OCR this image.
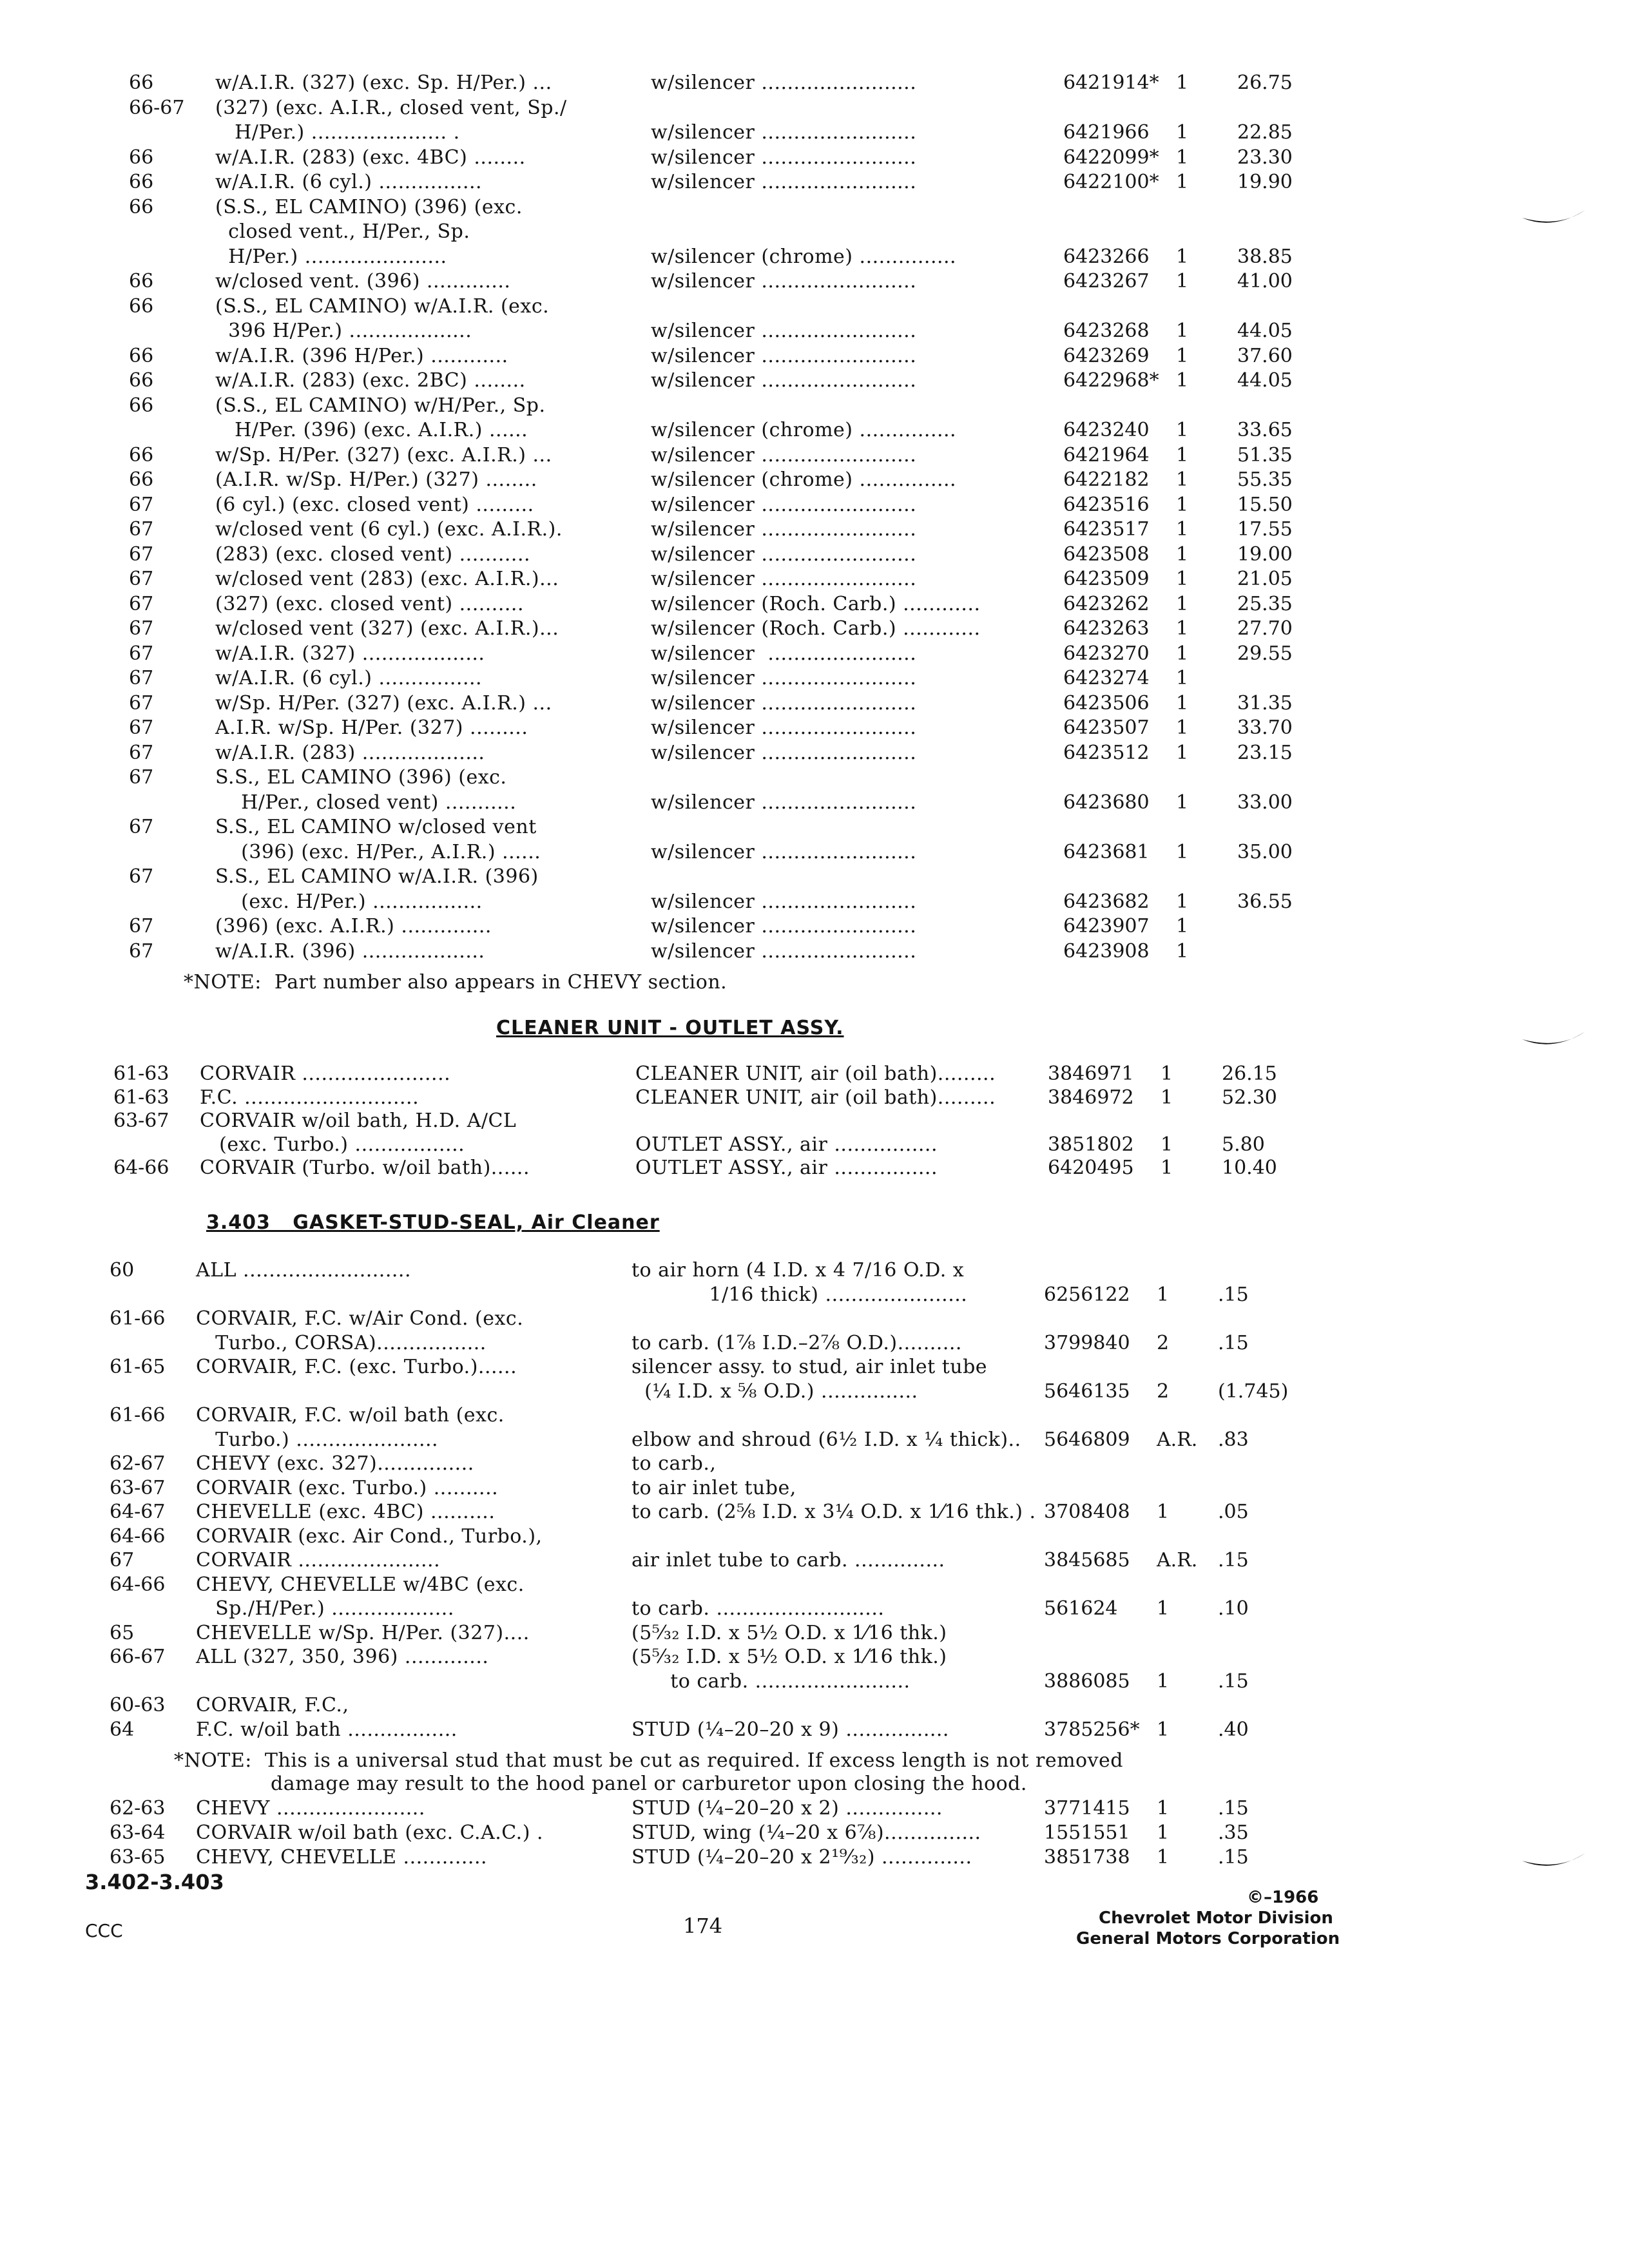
66	w/A.I.R. (327) (exc. Sp. H/Per.) ...	w/silencer ........................	6421914* 1	26.75
66-67 (327) (exc. A.I.R., closed vent, Sp./
H/Per.) ..................... .	w/silencer ........................	6421966 1	22.85
66	w/A.I.R. (283) (exc. 4BC) ........	w/silencer ........................	6422099* 1	23.30
66	w/A.I.R. (6 cyl.) ................	w/silencer ........................	6422100* 1	19.90
66	(S.S., EL CAMINO) (396) (exc.
closed vent., H/Per., Sp.
H/Per.) ......................	w/silencer (chrome) ...............	6423266 1	38.85
66	w/closed vent. (396) .............	w/silencer ........................	6423267 1	41.00
66	(S.S., EL CAMINO) w/A.I.R. (exc.
396 H/Per.) ...................	w/silencer ........................	6423268 1	44.05
66	w/A.I.R. (396 H/Per.) ............	w/silencer ........................	6423269 1	37.60
66	w/A.I.R. (283) (exc. 2BC) ........	w/silencer ........................	6422968* 1	44.05
66	(S.S., EL CAMINO) w/H/Per., Sp.
H/Per. (396) (exc. A.I.R.) ......	w/silencer (chrome) ...............	6423240 1	33.65
66	w/Sp. H/Per. (327) (exc. A.I.R.) ...	w/silencer ........................	6421964 1	51.35
66	(A.I.R. w/Sp. H/Per.) (327) ........	w/silencer (chrome) ...............	6422182 1	55.35
67	(6 cyl.) (exc. closed vent) .........	w/silencer ........................	6423516 1	15.50
67	w/closed vent (6 cyl.) (exc. A.I.R.).	w/silencer ........................	6423517 1	17.55
67	(283) (exc. closed vent) ...........	w/silencer ........................	6423508 1	19.00
67	w/closed vent (283) (exc. A.I.R.)...	w/silencer ........................	6423509 1	21.05
67	(327) (exc. closed vent) ..........	w/silencer (Roch. Carb.) ............	6423262 1	25.35
67	w/closed vent (327) (exc. A.I.R.)...	w/silencer (Roch. Carb.) ............	6423263 1	27.70
67	w/A.I.R. (327) ...................	w/silencer  .......................	6423270 1	29.55
67	w/A.I.R. (6 cyl.) ................	w/silencer ........................	6423274 1
67	w/Sp. H/Per. (327) (exc. A.I.R.) ...	w/silencer ........................	6423506 1	31.35
67	A.I.R. w/Sp. H/Per. (327) .........	w/silencer ........................	6423507 1	33.70
67	w/A.I.R. (283) ...................	w/silencer ........................	6423512 1	23.15
67	S.S., EL CAMINO (396) (exc.
H/Per., closed vent) ...........	w/silencer ........................	6423680 1	33.00
67	S.S., EL CAMINO w/closed vent
(396) (exc. H/Per., A.I.R.) ......	w/silencer ........................	6423681 1	35.00
67	S.S., EL CAMINO w/A.I.R. (396)
(exc. H/Per.) .................	w/silencer ........................	6423682 1	36.55
67	(396) (exc. A.I.R.) ..............	w/silencer ........................	6423907 1
67	w/A.I.R. (396) ...................	w/silencer ........................	6423908 1
*NOTE:  Part number also appears in CHEVY section.
CLEANER UNIT - OUTLET ASSY.
61-63 CORVAIR .......................	CLEANER UNIT, air (oil bath).........	3846971 1	26.15
61-63 F.C. ...........................	CLEANER UNIT, air (oil bath).........	3846972 1	52.30
63-67 CORVAIR w/oil bath, H.D. A/CL
(exc. Turbo.) .................	OUTLET ASSY., air ................	3851802 1	5.80
64-66 CORVAIR (Turbo. w/oil bath)......	OUTLET ASSY., air ................	6420495 1	10.40
3.403   GASKET-STUD-SEAL, Air Cleaner
60	ALL ..........................	to air horn (4 I.D. x 4 7/16 O.D. x
1/16 thick) ......................	6256122 1	.15
61-66 CORVAIR, F.C. w/Air Cond. (exc.
Turbo., CORSA).................	to carb. (1⅞ I.D.–2⅞ O.D.)..........	3799840 2	.15
61-65 CORVAIR, F.C. (exc. Turbo.)......	silencer assy. to stud, air inlet tube
(¼ I.D. x ⅝ O.D.) ...............	5646135 2	(1.745)
61-66 CORVAIR, F.C. w/oil bath (exc.
Turbo.) ......................	elbow and shroud (6½ I.D. x ¼ thick).. 5646809 A.R. .83
62-67 CHEVY (exc. 327)...............	to carb.,
63-67 CORVAIR (exc. Turbo.) ..........	to air inlet tube,
64-67 CHEVELLE (exc. 4BC) ..........	to carb. (2⅝ I.D. x 3¼ O.D. x 1⁄16 thk.) . 3708408 1	.05
64-66 CORVAIR (exc. Air Cond., Turbo.),
67	CORVAIR ......................	air inlet tube to carb. ..............	3845685 A.R. .15
64-66 CHEVY, CHEVELLE w/4BC (exc.
Sp./H/Per.) ...................	to carb. ..........................	561624 1	.10
65	CHEVELLE w/Sp. H/Per. (327)....	(5⁵⁄₃₂ I.D. x 5½ O.D. x 1⁄16 thk.)
66-67 ALL (327, 350, 396) .............	(5⁵⁄₃₂ I.D. x 5½ O.D. x 1⁄16 thk.)
to carb. ........................	3886085 1	.15
60-63 CORVAIR, F.C.,
64	F.C. w/oil bath .................	STUD (¼–20–20 x 9) ................	3785256* 1	.40
*NOTE:  This is a universal stud that must be cut as required. If excess length is not removed
damage may result to the hood panel or carburetor upon closing the hood.
62-63 CHEVY .......................	STUD (¼–20–20 x 2) ...............	3771415 1	.15
63-64 CORVAIR w/oil bath (exc. C.A.C.) .	STUD, wing (¼–20 x 6⅞)...............	1551551 1	.35
63-65 CHEVY, CHEVELLE .............	STUD (¼–20–20 x 2¹⁹⁄₃₂) ..............	3851738 1	.15
3.402-3.403
CCC	174
©–1966
Chevrolet Motor Division
General Motors Corporation
